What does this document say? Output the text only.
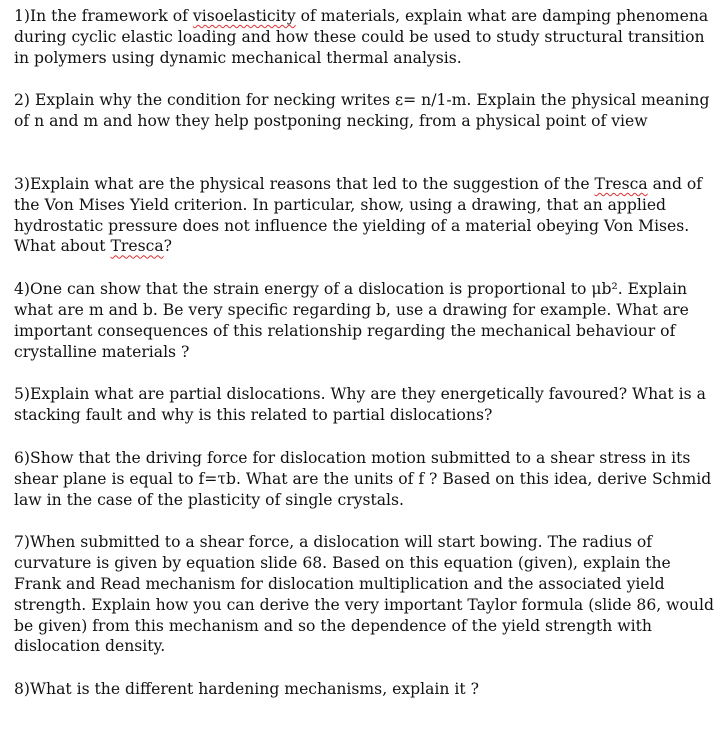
1)In the framework of visoelasticity of materials, explain what are damping phenomena during cyclic elastic loading and how these could be used to study structural transition in polymers using dynamic mechanical thermal analysis.

2) Explain why the condition for necking writes ε= n/1-m. Explain the physical meaning of n and m and how they help postponing necking, from a physical point of view

3)Explain what are the physical reasons that led to the suggestion of the Tresca and of the Von Mises Yield criterion. In particular, show, using a drawing, that an applied hydrostatic pressure does not influence the yielding of a material obeying Von Mises. What about Tresca?

4)One can show that the strain energy of a dislocation is proportional to μb². Explain what are m and b. Be very specific regarding b, use a drawing for example. What are important consequences of this relationship regarding the mechanical behaviour of crystalline materials ?

5)Explain what are partial dislocations. Why are they energetically favoured? What is a stacking fault and why is this related to partial dislocations?

6)Show that the driving force for dislocation motion submitted to a shear stress in its shear plane is equal to f=τb. What are the units of f ? Based on this idea, derive Schmid law in the case of the plasticity of single crystals.

7)When submitted to a shear force, a dislocation will start bowing. The radius of curvature is given by equation slide 68. Based on this equation (given), explain the Frank and Read mechanism for dislocation multiplication and the associated yield strength. Explain how you can derive the very important Taylor formula (slide 86, would be given) from this mechanism and so the dependence of the yield strength with dislocation density.

8)What is the different hardening mechanisms, explain it ?
